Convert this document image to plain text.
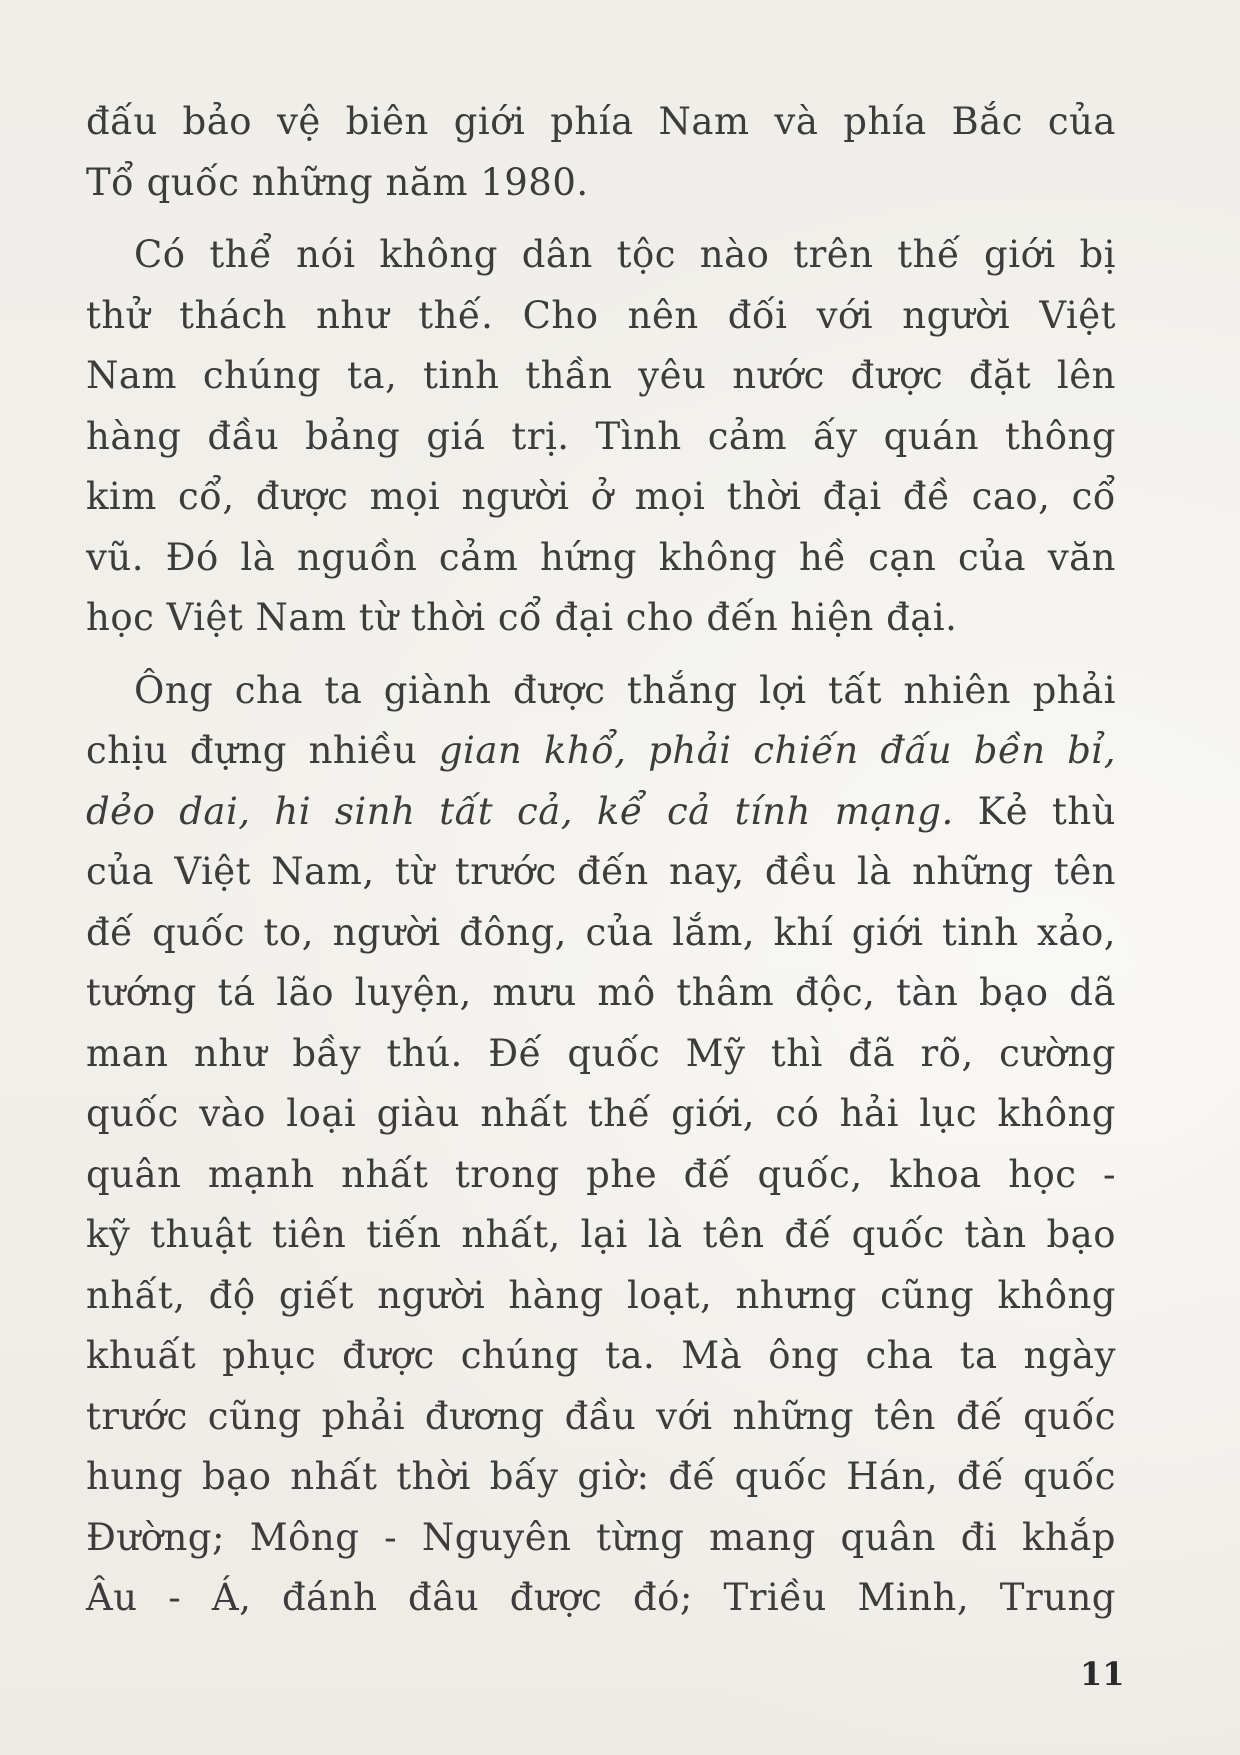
đấu bảo vệ biên giới phía Nam và phía Bắc của
Tổ quốc những năm 1980.
Có thể nói không dân tộc nào trên thế giới bị
thử thách như thế. Cho nên đối với người Việt
Nam chúng ta, tinh thần yêu nước được đặt lên
hàng đầu bảng giá trị. Tình cảm ấy quán thông
kim cổ, được mọi người ở mọi thời đại đề cao, cổ
vũ. Đó là nguồn cảm hứng không hề cạn của văn
học Việt Nam từ thời cổ đại cho đến hiện đại.
Ông cha ta giành được thắng lợi tất nhiên phải
chịu đựng nhiều gian khổ, phải chiến đấu bền bỉ,
dẻo dai, hi sinh tất cả, kể cả tính mạng. Kẻ thù
của Việt Nam, từ trước đến nay, đều là những tên
đế quốc to, người đông, của lắm, khí giới tinh xảo,
tướng tá lão luyện, mưu mô thâm độc, tàn bạo dã
man như bầy thú. Đế quốc Mỹ thì đã rõ, cường
quốc vào loại giàu nhất thế giới, có hải lục không
quân mạnh nhất trong phe đế quốc, khoa học -
kỹ thuật tiên tiến nhất, lại là tên đế quốc tàn bạo
nhất, độ giết người hàng loạt, nhưng cũng không
khuất phục được chúng ta. Mà ông cha ta ngày
trước cũng phải đương đầu với những tên đế quốc
hung bạo nhất thời bấy giờ: đế quốc Hán, đế quốc
Đường; Mông - Nguyên từng mang quân đi khắp
Âu - Á, đánh đâu được đó; Triều Minh, Trung
11
